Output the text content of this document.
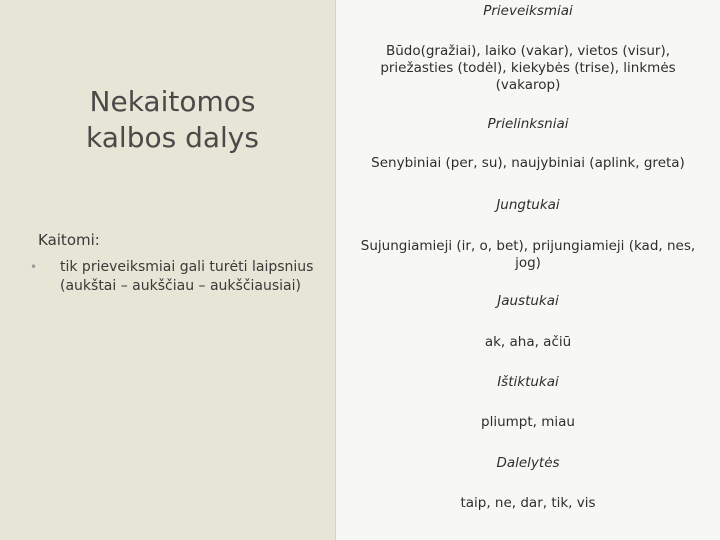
Nekaitomos
kalbos dalys
Kaitomi:
• tik prieveiksmiai gali turėti laipsnius (aukštai – aukščiau – aukščiausiai)
Prieveiksmiai
Būdo(gražiai), laiko (vakar), vietos (visur), priežasties (todėl), kiekybės (trise), linkmės (vakarop)
Prielinksniai
Senybiniai (per, su), naujybiniai (aplink, greta)
Jungtukai
Sujungiamieji (ir, o, bet), prijungiamieji (kad, nes, jog)
Jaustukai
ak, aha, ačiū
Ištiktukai
pliumpt, miau
Dalelytės
taip, ne, dar, tik, vis
